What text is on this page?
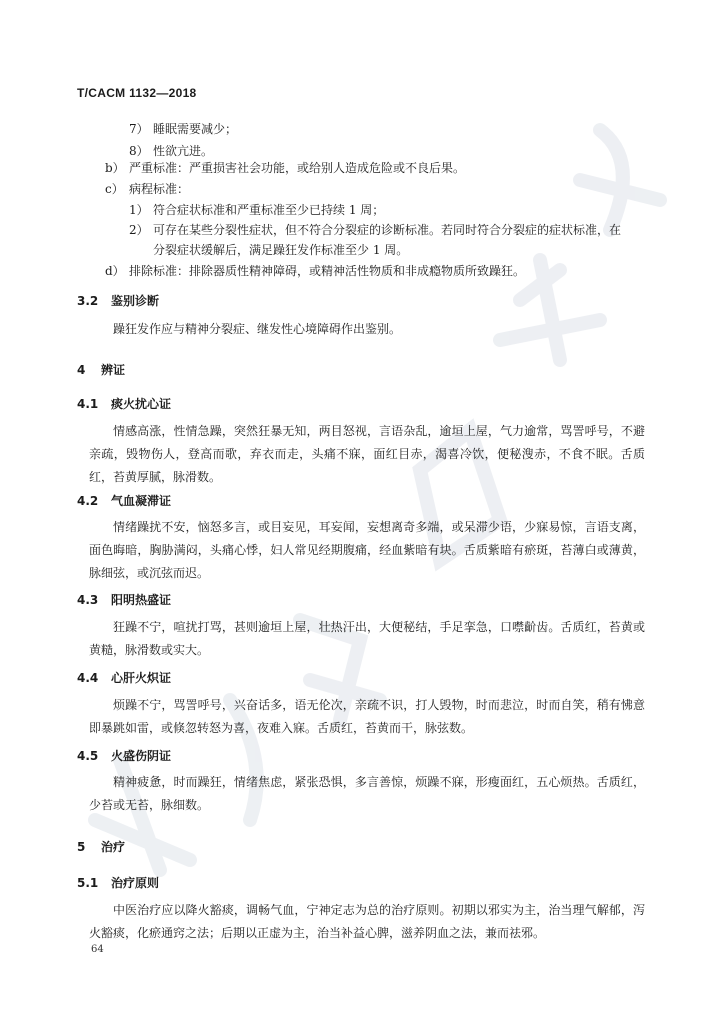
T/CACM 1132—2018
7） 睡眠需要减少；
8） 性欲亢进。
b） 严重标准：严重损害社会功能，或给别人造成危险或不良后果。
c） 病程标准：
1） 符合症状标准和严重标准至少已持续 1 周；
2） 可存在某些分裂性症状，但不符合分裂症的诊断标准。若同时符合分裂症的症状标准，在
分裂症状缓解后，满足躁狂发作标准至少 1 周。
d） 排除标准：排除器质性精神障碍，或精神活性物质和非成瘾物质所致躁狂。
3.2 鉴别诊断
躁狂发作应与精神分裂症、继发性心境障碍作出鉴别。
4 辨证
4.1 痰火扰心证
情感高涨，性情急躁，突然狂暴无知，两目怒视，言语杂乱，逾垣上屋，气力逾常，骂詈呼号，不避亲疏，毁物伤人，登高而歌，弃衣而走，头痛不寐，面红目赤，渴喜冷饮，便秘溲赤，不食不眠。舌质红，苔黄厚腻，脉滑数。
4.2 气血凝滞证
情绪躁扰不安，恼怒多言，或目妄见，耳妄闻，妄想离奇多端，或呆滞少语，少寐易惊，言语支离，面色晦暗，胸胁满闷，头痛心悸，妇人常见经期腹痛，经血紫暗有块。舌质紫暗有瘀斑，苔薄白或薄黄，脉细弦，或沉弦而迟。
4.3 阳明热盛证
狂躁不宁，喧扰打骂，甚则逾垣上屋，壮热汗出，大便秘结，手足挛急，口噤齘齿。舌质红，苔黄或黄糙，脉滑数或实大。
4.4 心肝火炽证
烦躁不宁，骂詈呼号，兴奋话多，语无伦次，亲疏不识，打人毁物，时而悲泣，时而自笑，稍有怫意即暴跳如雷，或倏忽转怒为喜，夜难入寐。舌质红，苔黄而干，脉弦数。
4.5 火盛伤阴证
精神疲惫，时而躁狂，情绪焦虑，紧张恐惧，多言善惊，烦躁不寐，形瘦面红，五心烦热。舌质红，少苔或无苔，脉细数。
5 治疗
5.1 治疗原则
中医治疗应以降火豁痰，调畅气血，宁神定志为总的治疗原则。初期以邪实为主，治当理气解郁，泻火豁痰，化瘀通窍之法；后期以正虚为主，治当补益心脾，滋养阴血之法，兼而祛邪。
64
